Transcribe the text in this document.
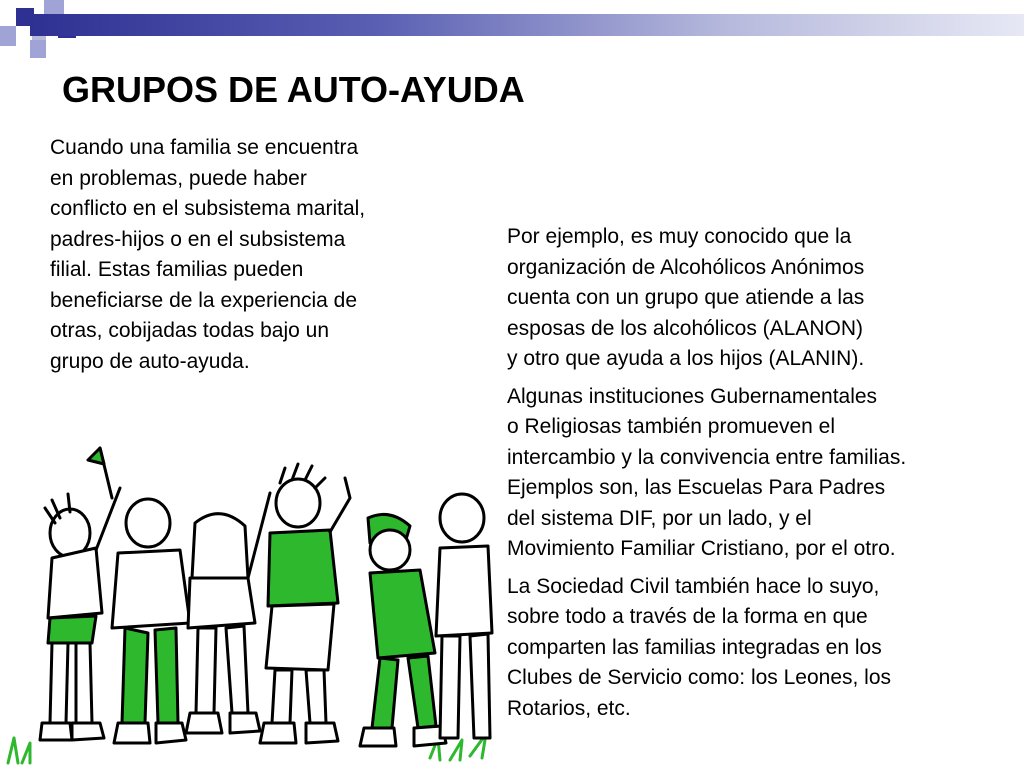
GRUPOS DE AUTO-AYUDA

Cuando una familia se encuentra
en problemas, puede haber
conflicto en el subsistema marital,
padres-hijos o en el subsistema
filial. Estas familias pueden
beneficiarse de la experiencia de
otras, cobijadas todas bajo un
grupo de auto-ayuda.

Por ejemplo, es muy conocido que la
organización de Alcohólicos Anónimos
cuenta con un grupo que atiende a las
esposas de los alcohólicos (ALANON)
y otro que ayuda a los hijos (ALANIN).

Algunas instituciones Gubernamentales
o Religiosas también promueven el
intercambio y la convivencia entre familias.
Ejemplos son, las Escuelas Para Padres
del sistema DIF, por un lado, y el
Movimiento Familiar Cristiano, por el otro.

La Sociedad Civil también hace lo suyo,
sobre todo a través de la forma en que
comparten las familias integradas en los
Clubes de Servicio como: los Leones, los
Rotarios, etc.
